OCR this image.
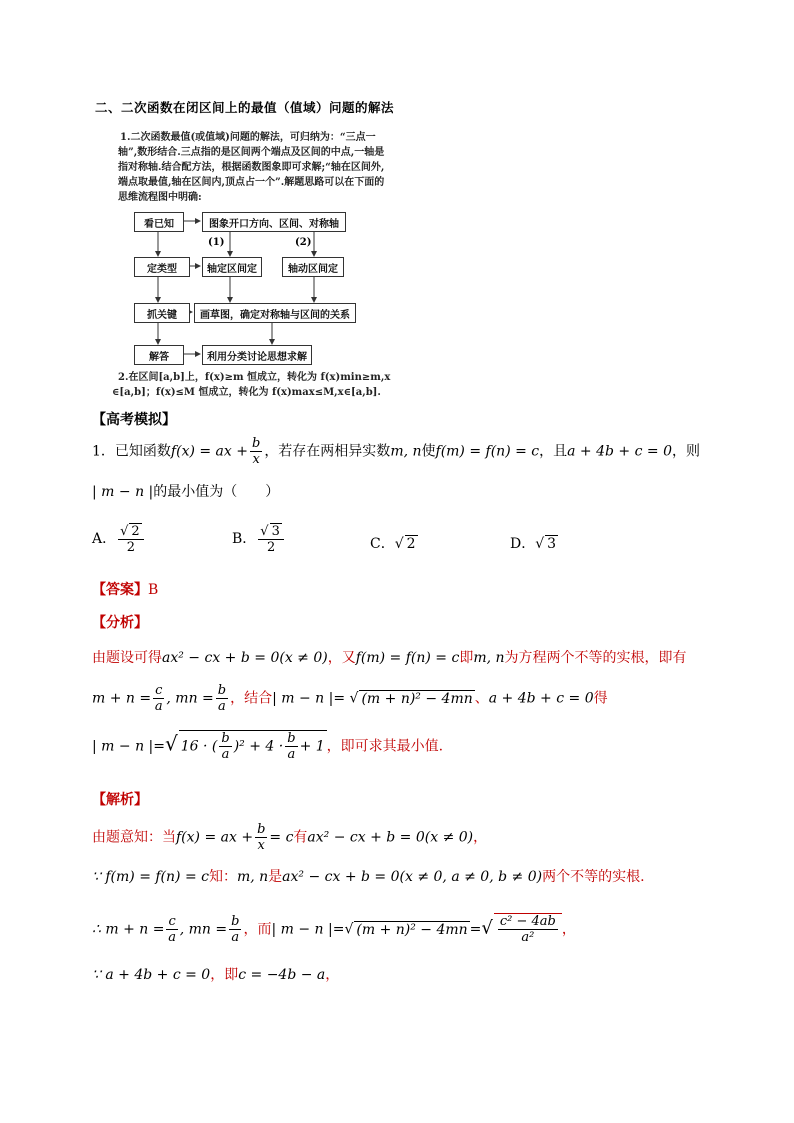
二、二次函数在闭区间上的最值（值域）问题的解法
1.二次函数最值(或值域)问题的解法，可归纳为：“三点一
轴”,数形结合.三点指的是区间两个端点及区间的中点,一轴是
指对称轴.结合配方法，根据函数图象即可求解;“轴在区间外,
端点取最值,轴在区间内,顶点占一个”.解题思路可以在下面的
思维流程图中明确:
看已知	图象开口方向、区间、对称轴
(1)	(2)
定类型	轴定区间定	轴动区间定
抓关键	画草图，确定对称轴与区间的关系
解答	利用分类讨论思想求解
2.在区间[a,b]上，f(x)≥m 恒成立，转化为 f(x)min≥m,x
∈[a,b]；f(x)≤M 恒成立，转化为 f(x)max≤M,x∈[a,b].
【高考模拟】
1．已知函数f(x) = ax + $\frac{b}{x}$ ，若存在两相异实数m, n使f(m) = f(n) = c，且a + 4b + c = 0，则
| m − n |的最小值为（　　）
A． $\frac{√ 2}{2}$	B． $\frac{√ 3}{2}$	C．√ 2	D．√ 3
【答案】B
【分析】
由题设可得ax² − cx + b = 0(x ≠ 0)，又f(m) = f(n) = c即m, n为方程两个不等的实根，即有
$m + n = \frac{c}{a}$ , mn = $\frac{b}{a}$ ，结合| m − n |= √ (m + n)² − 4mn 、a + 4b + c = 0得
| m − n |=√ 16 · ( $\frac{b}{a} )^2 + 4 \cdot \frac{b}{a} + 1$ ，即可求其最小值.
【解析】
由题意知：当f(x) = ax + $\frac{b}{x} = c$有ax² − cx + b = 0(x ≠ 0)，
∵ f(m) = f(n) = c知：m, n是ax² − cx + b = 0(x ≠ 0, a ≠ 0, b ≠ 0)两个不等的实根.
∴ $m + n = \frac{c}{a}$ , mn = $\frac{b}{a}$ ，而| m − n |=√ (m + n)² − 4mn =√ $\frac{\text{c² − 4ab}}{\text{a²}}$ ，
∵ a + 4b + c = 0，即c = −4b − a，
